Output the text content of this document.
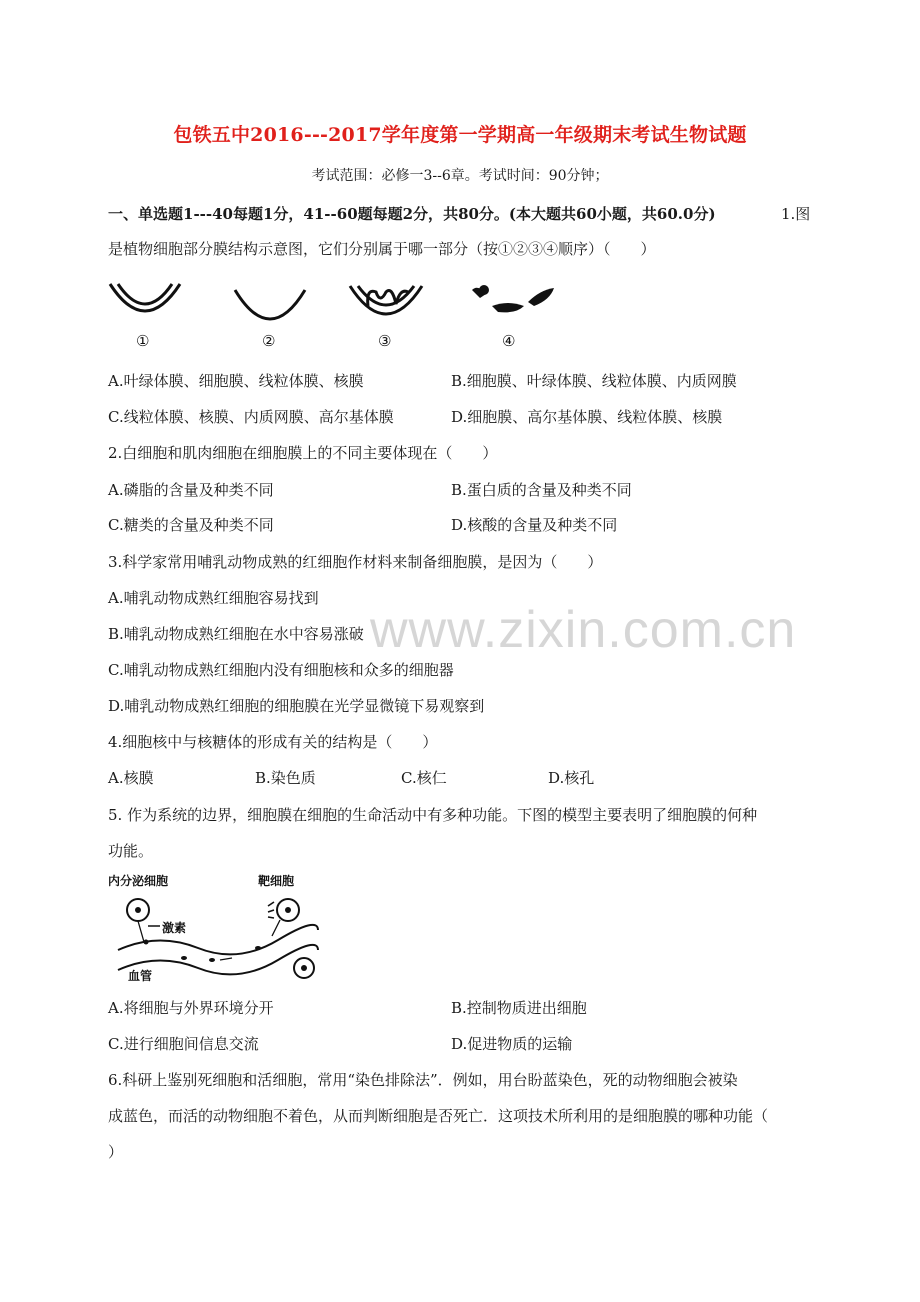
www.zixin.com.cn
包铁五中2016---2017学年度第一学期高一年级期末考试生物试题
考试范围：必修一3--6章。考试时间：90分钟；
一、单选题1---40每题1分，41--60题每题2分，共80分。(本大题共60小题，共60.0分)	1.图
是植物细胞部分膜结构示意图，它们分别属于哪一部分（按①②③④顺序）（　　）
①	②	③	④
A.叶绿体膜、细胞膜、线粒体膜、核膜	B.细胞膜、叶绿体膜、线粒体膜、内质网膜
C.线粒体膜、核膜、内质网膜、高尔基体膜	D.细胞膜、高尔基体膜、线粒体膜、核膜
2.白细胞和肌肉细胞在细胞膜上的不同主要体现在（　　）
A.磷脂的含量及种类不同	B.蛋白质的含量及种类不同
C.糖类的含量及种类不同	D.核酸的含量及种类不同
3.科学家常用哺乳动物成熟的红细胞作材料来制备细胞膜，是因为（　　）
A.哺乳动物成熟红细胞容易找到
B.哺乳动物成熟红细胞在水中容易涨破
C.哺乳动物成熟红细胞内没有细胞核和众多的细胞器
D.哺乳动物成熟红细胞的细胞膜在光学显微镜下易观察到
4.细胞核中与核糖体的形成有关的结构是（　　）
A.核膜	B.染色质	C.核仁	D.核孔
5. 作为系统的边界，细胞膜在细胞的生命活动中有多种功能。下图的模型主要表明了细胞膜的何种
功能。
内分泌细胞	靶细胞
激素
血管
A.将细胞与外界环境分开	B.控制物质进出细胞
C.进行细胞间信息交流	D.促进物质的运输
6.科研上鉴别死细胞和活细胞，常用“染色排除法”．例如，用台盼蓝染色，死的动物细胞会被染
成蓝色，而活的动物细胞不着色，从而判断细胞是否死亡．这项技术所利用的是细胞膜的哪种功能（
）
